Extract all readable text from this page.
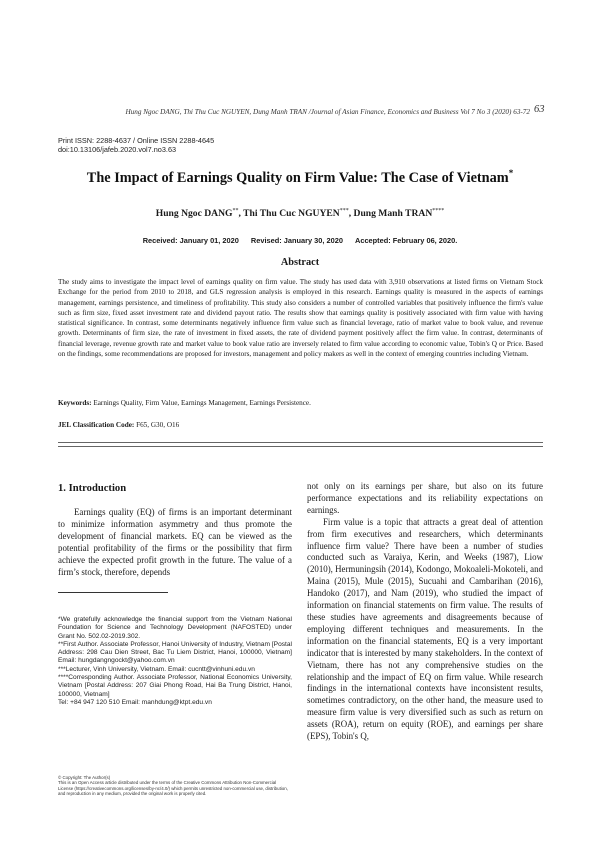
Hung Ngoc DANG, Thi Thu Cuc NGUYEN, Dung Manh TRAN /Journal of Asian Finance, Economics and Business Vol 7 No 3 (2020) 63-72 63
Print ISSN: 2288-4637 / Online ISSN 2288-4645
doi:10.13106/jafeb.2020.vol7.no3.63
The Impact of Earnings Quality on Firm Value: The Case of Vietnam*
Hung Ngoc DANG**, Thi Thu Cuc NGUYEN***, Dung Manh TRAN****
Received: January 01, 2020 Revised: January 30, 2020 Accepted: February 06, 2020.
Abstract
The study aims to investigate the impact level of earnings quality on firm value. The study has used data with 3,910 observations at listed firms on Vietnam Stock Exchange for the period from 2010 to 2018, and GLS regression analysis is employed in this research. Earnings quality is measured in the aspects of earnings management, earnings persistence, and timeliness of profitability. This study also considers a number of controlled variables that positively influence the firm's value such as firm size, fixed asset investment rate and dividend payout ratio. The results show that earnings quality is positively associated with firm value with having statistical significance. In contrast, some determinants negatively influence firm value such as financial leverage, ratio of market value to book value, and revenue growth. Determinants of firm size, the rate of investment in fixed assets, the rate of dividend payment positively affect the firm value. In contrast, determinants of financial leverage, revenue growth rate and market value to book value ratio are inversely related to firm value according to economic value, Tobin's Q or Price. Based on the findings, some recommendations are proposed for investors, management and policy makers as well in the context of emerging countries including Vietnam.
Keywords: Earnings Quality, Firm Value, Earnings Management, Earnings Persistence.
JEL Classification Code: F65, G30, O16
1. Introduction

Earnings quality (EQ) of firms is an important determinant to minimize information asymmetry and thus promote the development of financial markets. EQ can be viewed as the potential profitability of the firms or the possibility that firm achieve the expected profit growth in the future. The value of a firm’s stock, therefore, depends

*We gratefully acknowledge the financial support from the Vietnam National Foundation for Science and Technology Development (NAFOSTED) under Grant No. 502.02-2019.302.

**First Author. Associate Professor, Hanoi University of Industry, Vietnam [Postal Address: 298 Cau Dien Street, Bac Tu Liem District, Hanoi, 100000, Vietnam] Email: hungdangngockt@yahoo.com.vn

***Lecturer, Vinh University, Vietnam. Email: cucntt@vinhuni.edu.vn

****Corresponding Author. Associate Professor, National Economics University, Vietnam [Postal Address: 207 Giai Phong Road, Hai Ba Trung District, Hanoi, 100000, Vietnam]

Tel: +84 947 120 510 Email: manhdung@ktpt.edu.vn

© Copyright: The Author(s)

This is an Open Access article distributed under the terms of the Creative Commons Attribution Non-Commercial License (https://creativecommons.org/licenses/by-nc/4.0/) which permits unrestricted non-commercial use, distribution, and reproduction in any medium, provided the original work is properly cited.

not only on its earnings per share, but also on its future performance expectations and its reliability expectations on earnings.

Firm value is a topic that attracts a great deal of attention from firm executives and researchers, which determinants influence firm value? There have been a number of studies conducted such as Varaiya, Kerin, and Weeks (1987), Liow (2010), Hermuningsih (2014), Kodongo, Mokoaleli-Mokoteli, and Maina (2015), Mule (2015), Sucuahi and Cambarihan (2016), Handoko (2017), and Nam (2019), who studied the impact of information on financial statements on firm value. The results of these studies have agreements and disagreements because of employing different techniques and measurements. In the information on the financial statements, EQ is a very important indicator that is interested by many stakeholders. In the context of Vietnam, there has not any comprehensive studies on the relationship and the impact of EQ on firm value. While research findings in the international contexts have inconsistent results, sometimes contradictory, on the other hand, the measure used to measure firm value is very diversified such as such as return on assets (ROA), return on equity (ROE), and earnings per share (EPS), Tobin's Q,
